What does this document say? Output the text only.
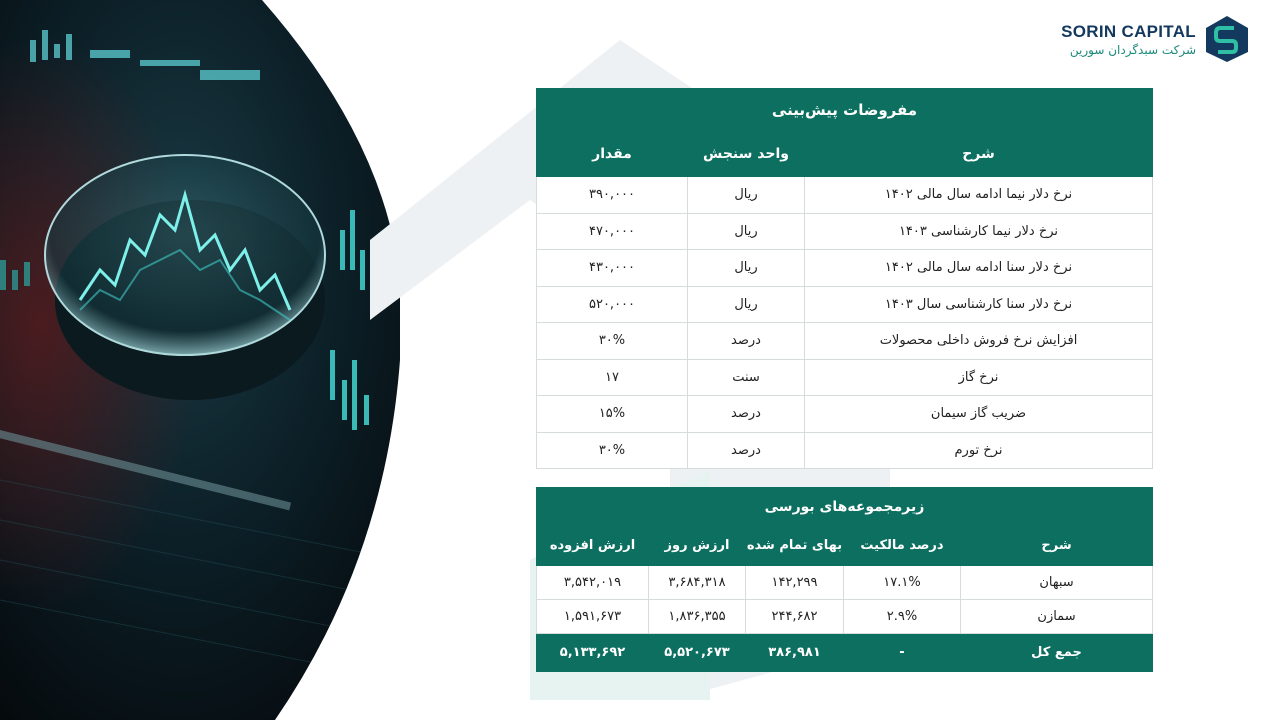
SORIN CAPITAL
شرکت سبدگردان سورین
مفروضات پیش‌بینی		
شرح	واحد سنجش	مقدار
نرخ دلار نیما ادامه سال مالی ۱۴۰۲	ریال	۳۹۰,۰۰۰
نرخ دلار نیما کارشناسی ۱۴۰۳	ریال	۴۷۰,۰۰۰
نرخ دلار سنا ادامه سال مالی ۱۴۰۲	ریال	۴۳۰,۰۰۰
نرخ دلار سنا کارشناسی سال ۱۴۰۳	ریال	۵۲۰,۰۰۰
افزایش نرخ فروش داخلی محصولات	درصد	۳۰%
نرخ گاز	سنت	۱۷
ضریب گاز سیمان	درصد	۱۵%
نرخ تورم	درصد	۳۰%
زیرمجموعه‌های بورسی				
شرح	درصد مالکیت	بهای تمام شده	ارزش روز	ارزش افزوده
سبهان	۱۷.۱%	۱۴۲,۲۹۹	۳,۶۸۴,۳۱۸	۳,۵۴۲,۰۱۹
سمازن	۲.۹%	۲۴۴,۶۸۲	۱,۸۳۶,۳۵۵	۱,۵۹۱,۶۷۳
جمع کل	-	۳۸۶,۹۸۱	۵,۵۲۰,۶۷۳	۵,۱۳۳,۶۹۲
